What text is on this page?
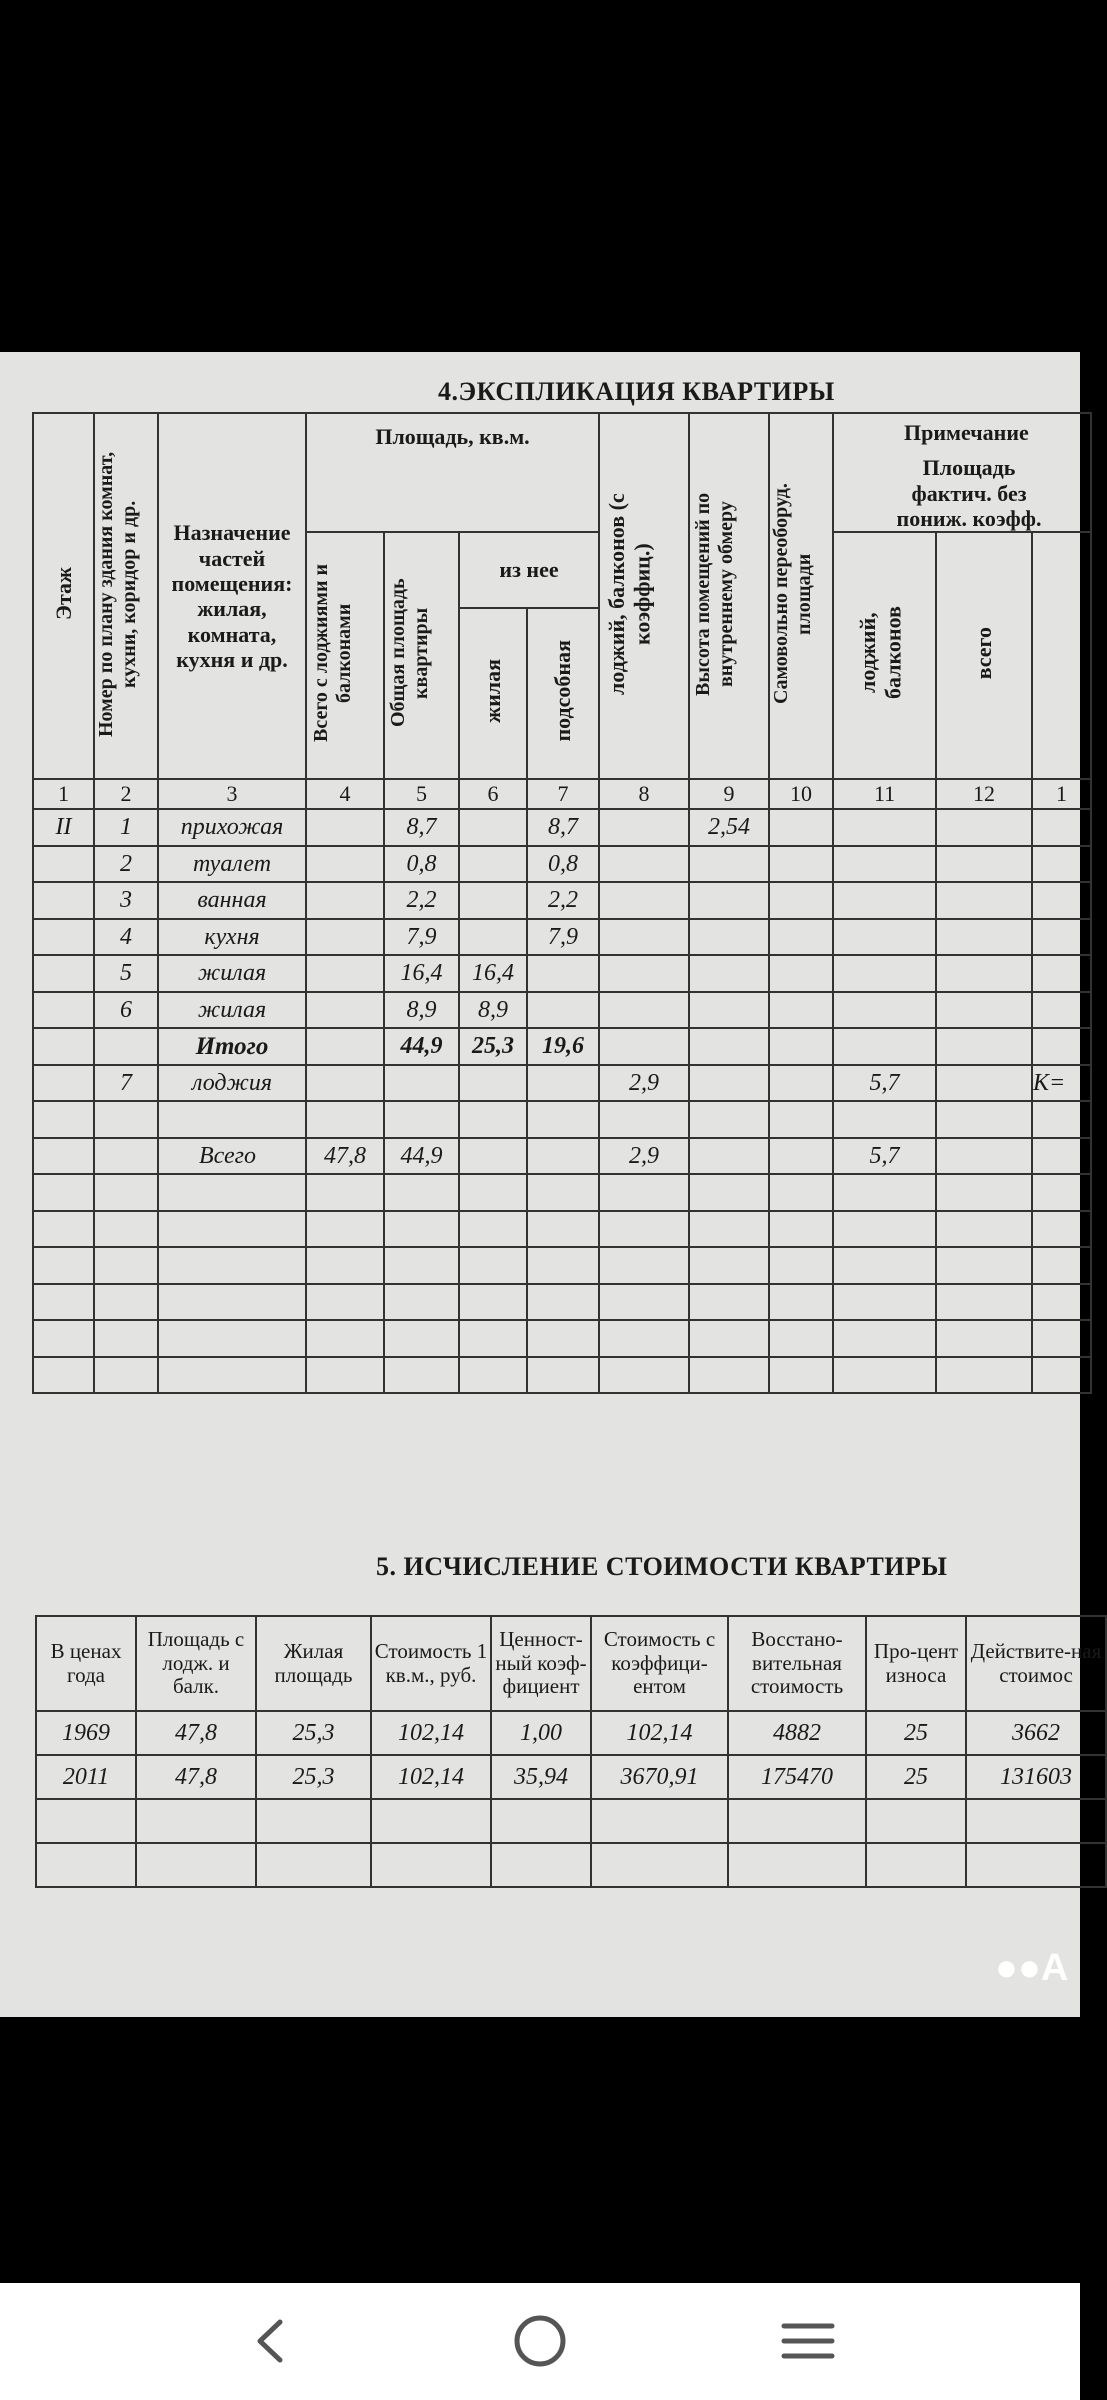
4.ЭКСПЛИКАЦИЯ КВАРТИРЫ
Этаж	Номер по плану здания комнат, кухни, коридор и др.	Назначение частей помещения: жилая, комната, кухня и др.	Площадь, кв.м.				лоджий, балконов (с коэффиц.)	Высота помещений по внутреннему обмеру	Самовольно переоборуд. площади	Примечание
Площадь фактич. без пониж. коэфф.		

			Всего с лоджиями и балконами	Общая площадь квартиры	из нее					лоджий, балконов	всего	
					жилая	подсобная						
1	2	3	4	5	6	7	8	9	10	11	12	1
II	1	прихожая		8,7		8,7		2,54				
	2	туалет		0,8		0,8						
	3	ванная		2,2		2,2						
	4	кухня		7,9		7,9						
	5	жилая		16,4	16,4							
	6	жилая		8,9	8,9							
		Итого		44,9	25,3	19,6						
	7	лоджия					2,9			5,7		К=

		Всего	47,8	44,9			2,9			5,7		

5. ИСЧИСЛЕНИЕ СТОИМОСТИ КВАРТИРЫ
В ценах года	Площадь с лодж. и балк.	Жилая площадь	Стоимость 1 кв.м., руб.	Ценност-ный коэф-фициент	Стоимость с коэффици-ентом	Восстано-вительная стоимость	Про-цент износа	Действите-ная стоимос
1969	47,8	25,3	102,14	1,00	102,14	4882	25	3662
2011	47,8	25,3	102,14	35,94	3670,91	175470	25	131603

●●A
